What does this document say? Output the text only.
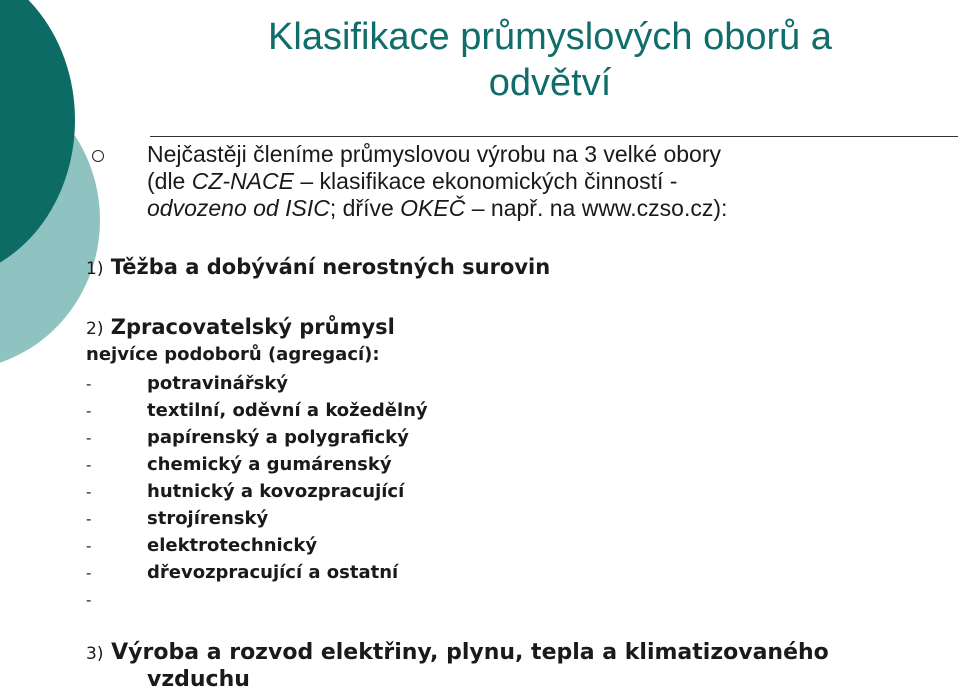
Klasifikace průmyslových oborů a
odvětví
Nejčastěji členíme průmyslovou výrobu na 3 velké obory
(dle CZ-NACE – klasifikace ekonomických činností -
odvozeno od ISIC; dříve OKEČ – např. na www.czso.cz):
1) Těžba a dobývání nerostných surovin
2) Zpracovatelský průmysl
nejvíce podoborů (agregací):
-	potravinářský
-	textilní, oděvní a kožedělný
-	papírenský a polygrafický
-	chemický a gumárenský
-	hutnický a kovozpracující
-	strojírenský
-	elektrotechnický
-	dřevozpracující a ostatní
-
3) Výroba a rozvod elektřiny, plynu, tepla a klimatizovaného
vzduchu
